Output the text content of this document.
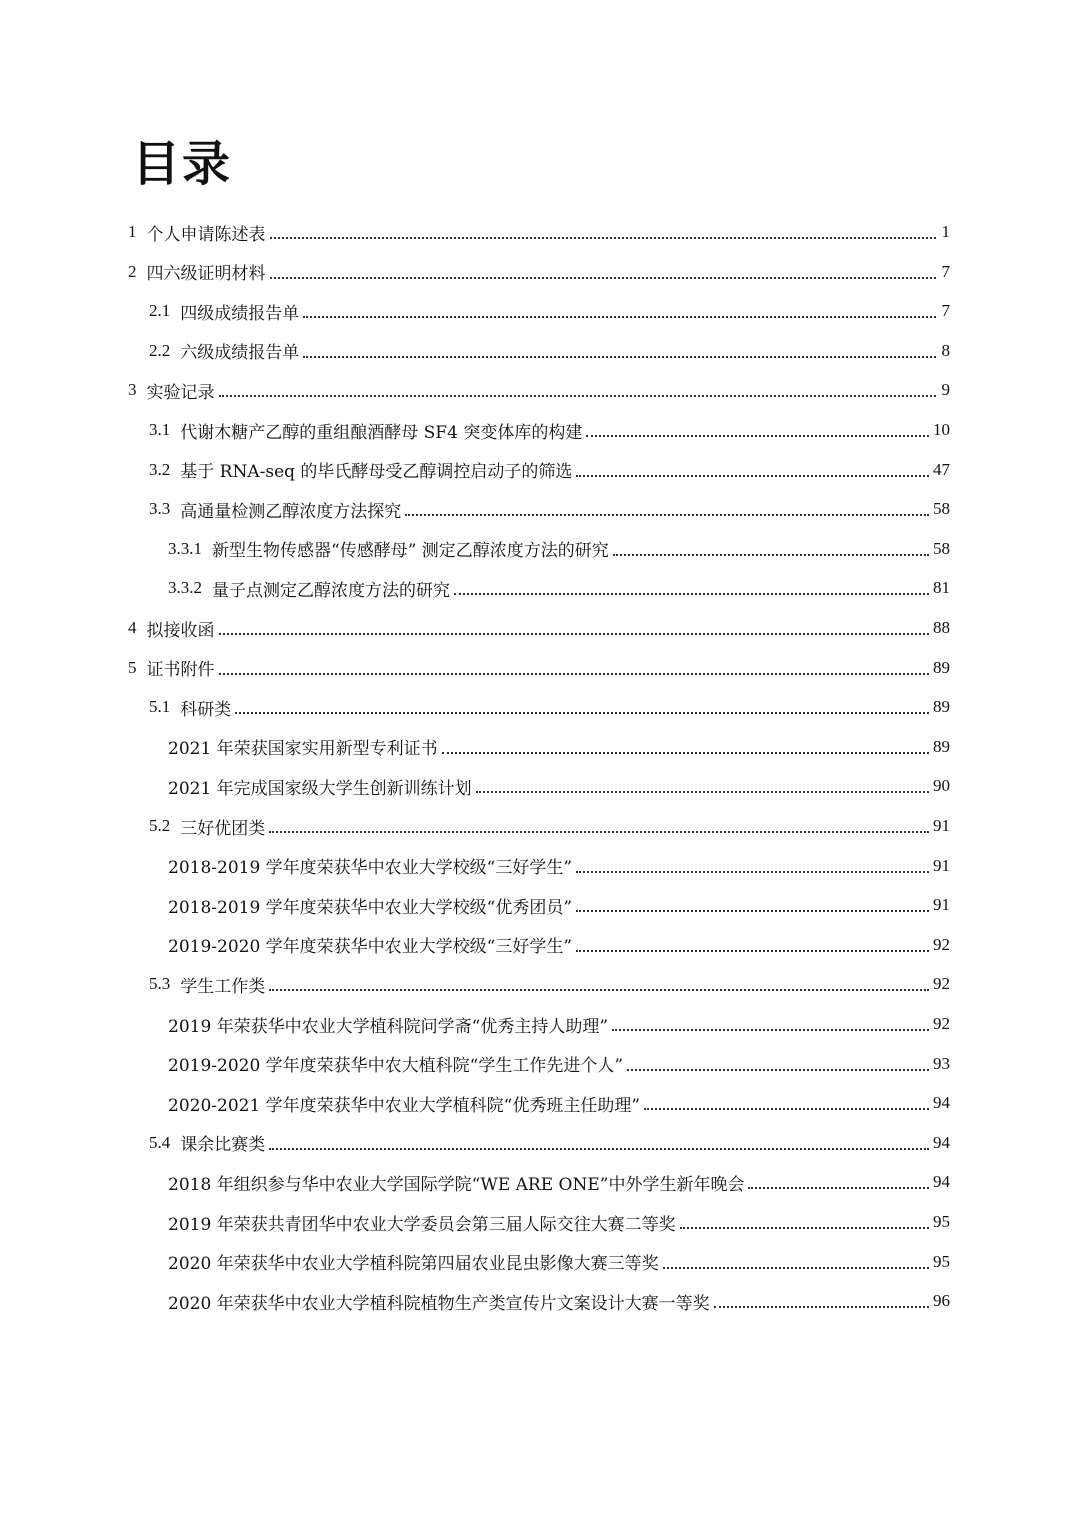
目录
1 个人申请陈述表	1
2 四六级证明材料	7
2.1 四级成绩报告单	7
2.2 六级成绩报告单	8
3 实验记录	9
3.1 代谢木糖产乙醇的重组酿酒酵母 SF4 突变体库的构建	10
3.2 基于 RNA-seq 的毕氏酵母受乙醇调控启动子的筛选	47
3.3 高通量检测乙醇浓度方法探究	58
3.3.1 新型生物传感器“传感酵母” 测定乙醇浓度方法的研究	58
3.3.2 量子点测定乙醇浓度方法的研究	81
4 拟接收函	88
5 证书附件	89
5.1 科研类	89
2021 年荣获国家实用新型专利证书	89
2021 年完成国家级大学生创新训练计划	90
5.2 三好优团类	91
2018-2019 学年度荣获华中农业大学校级“三好学生”	91
2018-2019 学年度荣获华中农业大学校级“优秀团员”	91
2019-2020 学年度荣获华中农业大学校级“三好学生”	92
5.3 学生工作类	92
2019 年荣获华中农业大学植科院问学斋“优秀主持人助理”	92
2019-2020 学年度荣获华中农大植科院“学生工作先进个人”	93
2020-2021 学年度荣获华中农业大学植科院“优秀班主任助理”	94
5.4 课余比赛类	94
2018 年组织参与华中农业大学国际学院“WE ARE ONE”中外学生新年晚会	94
2019 年荣获共青团华中农业大学委员会第三届人际交往大赛二等奖	95
2020 年荣获华中农业大学植科院第四届农业昆虫影像大赛三等奖	95
2020 年荣获华中农业大学植科院植物生产类宣传片文案设计大赛一等奖	96
